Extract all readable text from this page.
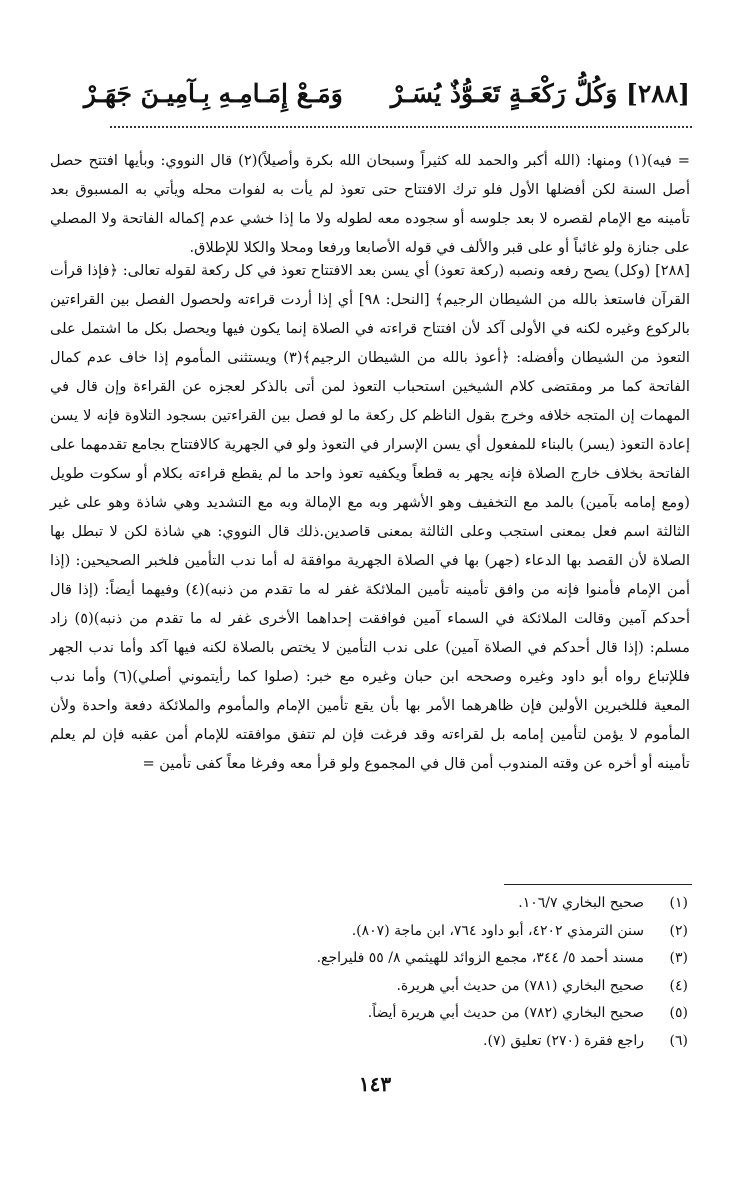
[٢٨٨] وَكُلُّ رَكْعَـةٍ تَعَـوُّذٌ يُسَـرْ
وَمَـعْ إِمَـامِـهِ بِـآمِيـنَ جَهَـرْ

= فيه)(١) ومنها: (الله أكبر والحمد لله كثيراً وسبحان الله بكرة وأصيلاً)(٢) قال النووي: وبأيها افتتح حصل أصل السنة لكن أفضلها الأول فلو ترك الافتتاح حتى تعوذ لم يأت به لفوات محله ويأتي به المسبوق بعد تأمينه مع الإمام لقصره لا بعد جلوسه أو سجوده معه لطوله ولا ما إذا خشي عدم إكماله الفاتحة ولا المصلي على جنازة ولو غائباً أو على قبر والألف في قوله الأصابعا ورفعا ومحلا والكلا للإطلاق.

[٢٨٨] (وكل) يصح رفعه ونصبه (ركعة تعوذ) أي يسن بعد الافتتاح تعوذ في كل ركعة لقوله تعالى: ﴿فإذا قرأت القرآن فاستعذ بالله من الشيطان الرجيم﴾ [النحل: ٩٨] أي إذا أردت قراءته ولحصول الفصل بين القراءتين بالركوع وغيره لكنه في الأولى آكد لأن افتتاح قراءته في الصلاة إنما يكون فيها ويحصل بكل ما اشتمل على التعوذ من الشيطان وأفضله: ﴿أعوذ بالله من الشيطان الرجيم﴾(٣) ويستثنى المأموم إذا خاف عدم كمال الفاتحة كما مر ومقتضى كلام الشيخين استحباب التعوذ لمن أتى بالذكر لعجزه عن القراءة وإن قال في المهمات إن المتجه خلافه وخرج بقول الناظم كل ركعة ما لو فصل بين القراءتين بسجود التلاوة فإنه لا يسن إعادة التعوذ (يسر) بالبناء للمفعول أي يسن الإسرار في التعوذ ولو في الجهرية كالافتتاح بجامع تقدمهما على الفاتحة بخلاف خارج الصلاة فإنه يجهر به قطعاً ويكفيه تعوذ واحد ما لم يقطع قراءته بكلام أو سكوت طويل (ومع إمامه بآمين) بالمد مع التخفيف وهو الأشهر وبه مع الإمالة وبه مع التشديد وهي شاذة وهو على غير الثالثة اسم فعل بمعنى استجب وعلى الثالثة بمعنى قاصدين.ذلك قال النووي: هي شاذة لكن لا تبطل بها الصلاة لأن القصد بها الدعاء (جهر) بها في الصلاة الجهرية موافقة له أما ندب التأمين فلخبر الصحيحين: (إذا أمن الإمام فأمنوا فإنه من وافق تأمينه تأمين الملائكة غفر له ما تقدم من ذنبه)(٤) وفيهما أيضاً: (إذا قال أحدكم آمين وقالت الملائكة في السماء آمين فوافقت إحداهما الأخرى غفر له ما تقدم من ذنبه)(٥) زاد مسلم: (إذا قال أحدكم في الصلاة آمين) على ندب التأمين لا يختص بالصلاة لكنه فيها آكد وأما ندب الجهر فللإتباع رواه أبو داود وغيره وصححه ابن حبان وغيره مع خبر: (صلوا كما رأيتموني أصلي)(٦) وأما ندب المعية فللخبرين الأولين فإن ظاهرهما الأمر بها بأن يقع تأمين الإمام والمأموم والملائكة دفعة واحدة ولأن المأموم لا يؤمن لتأمين إمامه بل لقراءته وقد فرغت فإن لم تتفق موافقته للإمام أمن عقبه فإن لم يعلم تأمينه أو أخره عن وقته المندوب أمن قال في المجموع ولو قرأ معه وفرغا معاً كفى تأمين =

(١)
صحيح البخاري ١٠٦/٧.
(٢)
سنن الترمذي ٤٢٠٢، أبو داود ٧٦٤، ابن ماجة (٨٠٧).
(٣)
مسند أحمد ٥/ ٣٤٤، مجمع الزوائد للهيثمي ٨/ ٥٥ فليراجع.
(٤)
صحيح البخاري (٧٨١) من حديث أبي هريرة.
(٥)
صحيح البخاري (٧٨٢) من حديث أبي هريرة أيضاً.
(٦)
راجع فقرة (٢٧٠) تعليق (٧).
١٤٣
